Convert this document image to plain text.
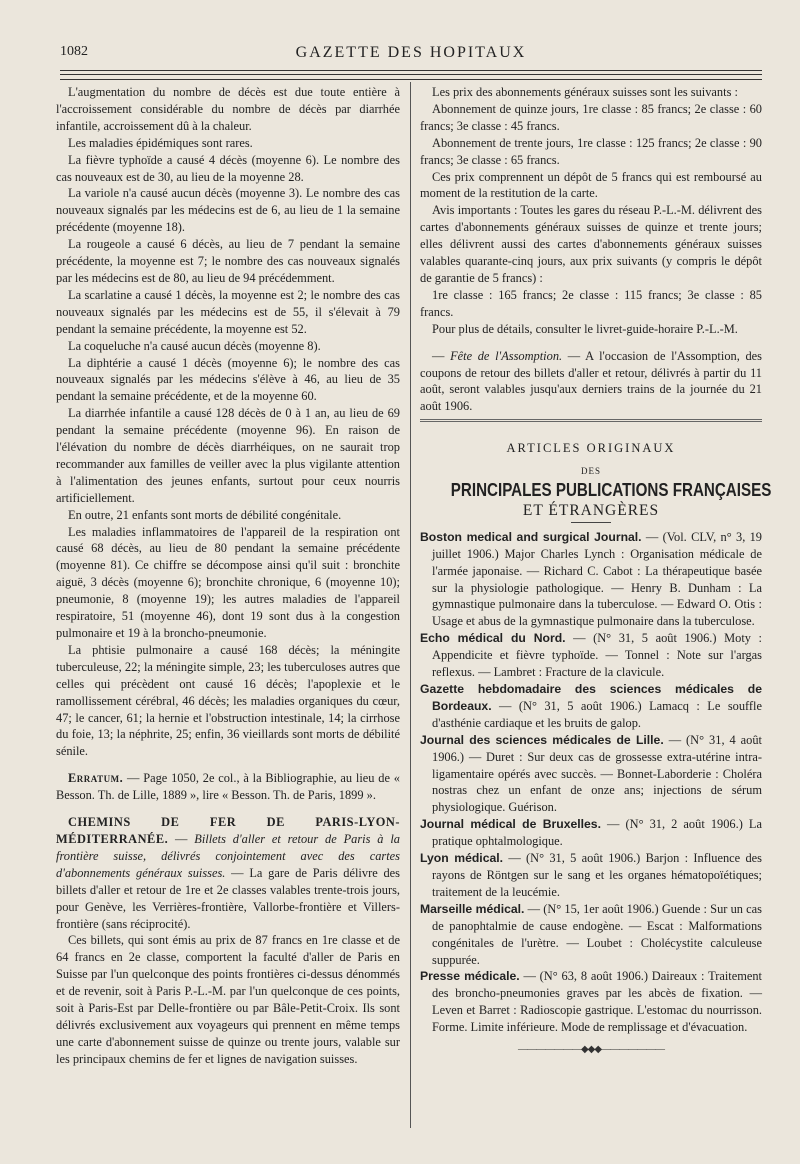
1082	GAZETTE DES HOPITAUX

L'augmentation du nombre de décès est due toute entière à l'accroissement considérable du nombre de décès par diarrhée infantile, accroissement dû à la chaleur.

Les maladies épidémiques sont rares.

La fièvre typhoïde a causé 4 décès (moyenne 6). Le nombre des cas nouveaux est de 30, au lieu de la moyenne 28.

La variole n'a causé aucun décès (moyenne 3). Le nombre des cas nouveaux signalés par les médecins est de 6, au lieu de 1 la semaine précédente (moyenne 18).

La rougeole a causé 6 décès, au lieu de 7 pendant la semaine précédente, la moyenne est 7; le nombre des cas nouveaux signalés par les médecins est de 80, au lieu de 94 précédemment.

La scarlatine a causé 1 décès, la moyenne est 2; le nombre des cas nouveaux signalés par les médecins est de 55, il s'élevait à 79 pendant la semaine précédente, la moyenne est 52.

La coqueluche n'a causé aucun décès (moyenne 8).

La diphtérie a causé 1 décès (moyenne 6); le nombre des cas nouveaux signalés par les médecins s'élève à 46, au lieu de 35 pendant la semaine précédente, et de la moyenne 60.

La diarrhée infantile a causé 128 décès de 0 à 1 an, au lieu de 69 pendant la semaine précédente (moyenne 96). En raison de l'élévation du nombre de décès diarrhéiques, on ne saurait trop recommander aux familles de veiller avec la plus vigilante attention à l'alimentation des jeunes enfants, surtout pour ceux nourris artificiellement.

En outre, 21 enfants sont morts de débilité congénitale.

Les maladies inflammatoires de l'appareil de la respiration ont causé 68 décès, au lieu de 80 pendant la semaine précédente (moyenne 81). Ce chiffre se décompose ainsi qu'il suit : bronchite aiguë, 3 décès (moyenne 6); bronchite chronique, 6 (moyenne 10); pneumonie, 8 (moyenne 19); les autres maladies de l'appareil respiratoire, 51 (moyenne 46), dont 19 sont dus à la congestion pulmonaire et 19 à la broncho-pneumonie.

La phtisie pulmonaire a causé 168 décès; la méningite tuberculeuse, 22; la méningite simple, 23; les tuberculoses autres que celles qui précèdent ont causé 16 décès; l'apoplexie et le ramollissement cérébral, 46 décès; les maladies organiques du cœur, 47; le cancer, 61; la hernie et l'obstruction intestinale, 14; la cirrhose du foie, 13; la néphrite, 25; enfin, 36 vieillards sont morts de débilité sénile.

Erratum. — Page 1050, 2e col., à la Bibliographie, au lieu de « Besson. Th. de Lille, 1889 », lire « Besson. Th. de Paris, 1899 ».

CHEMINS DE FER DE PARIS-LYON-MÉDITERRANÉE. — Billets d'aller et retour de Paris à la frontière suisse, délivrés conjointement avec des cartes d'abonnements généraux suisses. — La gare de Paris délivre des billets d'aller et retour de 1re et 2e classes valables trente-trois jours, pour Genève, les Verrières-frontière, Vallorbe-frontière et Villers-frontière (sans réciprocité).

Ces billets, qui sont émis au prix de 87 francs en 1re classe et de 64 francs en 2e classe, comportent la faculté d'aller de Paris en Suisse par l'un quelconque des points frontières ci-dessus dénommés et de revenir, soit à Paris P.-L.-M. par l'un quelconque de ces points, soit à Paris-Est par Delle-frontière ou par Bâle-Petit-Croix. Ils sont délivrés exclusivement aux voyageurs qui prennent en même temps une carte d'abonnement suisse de quinze ou trente jours, valable sur les principaux chemins de fer et lignes de navigation suisses.

Les prix des abonnements généraux suisses sont les suivants :

Abonnement de quinze jours, 1re classe : 85 francs; 2e classe : 60 francs; 3e classe : 45 francs.

Abonnement de trente jours, 1re classe : 125 francs; 2e classe : 90 francs; 3e classe : 65 francs.

Ces prix comprennent un dépôt de 5 francs qui est remboursé au moment de la restitution de la carte.

Avis importants : Toutes les gares du réseau P.-L.-M. délivrent des cartes d'abonnements généraux suisses de quinze et trente jours; elles délivrent aussi des cartes d'abonnements généraux suisses valables quarante-cinq jours, aux prix suivants (y compris le dépôt de garantie de 5 francs) :

1re classe : 165 francs; 2e classe : 115 francs; 3e classe : 85 francs.

Pour plus de détails, consulter le livret-guide-horaire P.-L.-M.

— Fête de l'Assomption. — A l'occasion de l'Assomption, des coupons de retour des billets d'aller et retour, délivrés à partir du 11 août, seront valables jusqu'aux derniers trains de la journée du 21 août 1906.

ARTICLES ORIGINAUX
DES
PRINCIPALES PUBLICATIONS FRANÇAISES
ET ÉTRANGÈRES

Boston medical and surgical Journal. — (Vol. CLV, n° 3, 19 juillet 1906.) Major Charles Lynch : Organisation médicale de l'armée japonaise. — Richard C. Cabot : La thérapeutique basée sur la physiologie pathologique. — Henry B. Dunham : La gymnastique pulmonaire dans la tuberculose. — Edward O. Otis : Usage et abus de la gymnastique pulmonaire dans la tuberculose.

Echo médical du Nord. — (N° 31, 5 août 1906.) Moty : Appendicite et fièvre typhoïde. — Tonnel : Note sur l'argas reflexus. — Lambret : Fracture de la clavicule.

Gazette hebdomadaire des sciences médicales de Bordeaux. — (N° 31, 5 août 1906.) Lamacq : Le souffle d'asthénie cardiaque et les bruits de galop.

Journal des sciences médicales de Lille. — (N° 31, 4 août 1906.) — Duret : Sur deux cas de grossesse extra-utérine intra-ligamentaire opérés avec succès. — Bonnet-Laborderie : Choléra nostras chez un enfant de onze ans; injections de sérum physiologique. Guérison.

Journal médical de Bruxelles. — (N° 31, 2 août 1906.) La pratique ophtalmologique.

Lyon médical. — (N° 31, 5 août 1906.) Barjon : Influence des rayons de Röntgen sur le sang et les organes hématopoïétiques; traitement de la leucémie.

Marseille médical. — (N° 15, 1er août 1906.) Guende : Sur un cas de panophtalmie de cause endogène. — Escat : Malformations congénitales de l'urètre. — Loubet : Cholécystite calculeuse suppurée.

Presse médicale. — (N° 63, 8 août 1906.) Daireaux : Traitement des broncho-pneumonies graves par les abcès de fixation. — Leven et Barret : Radioscopie gastrique. L'estomac du nourrisson. Forme. Limite inférieure. Mode de remplissage et d'évacuation.

———————◆◆◆———————
